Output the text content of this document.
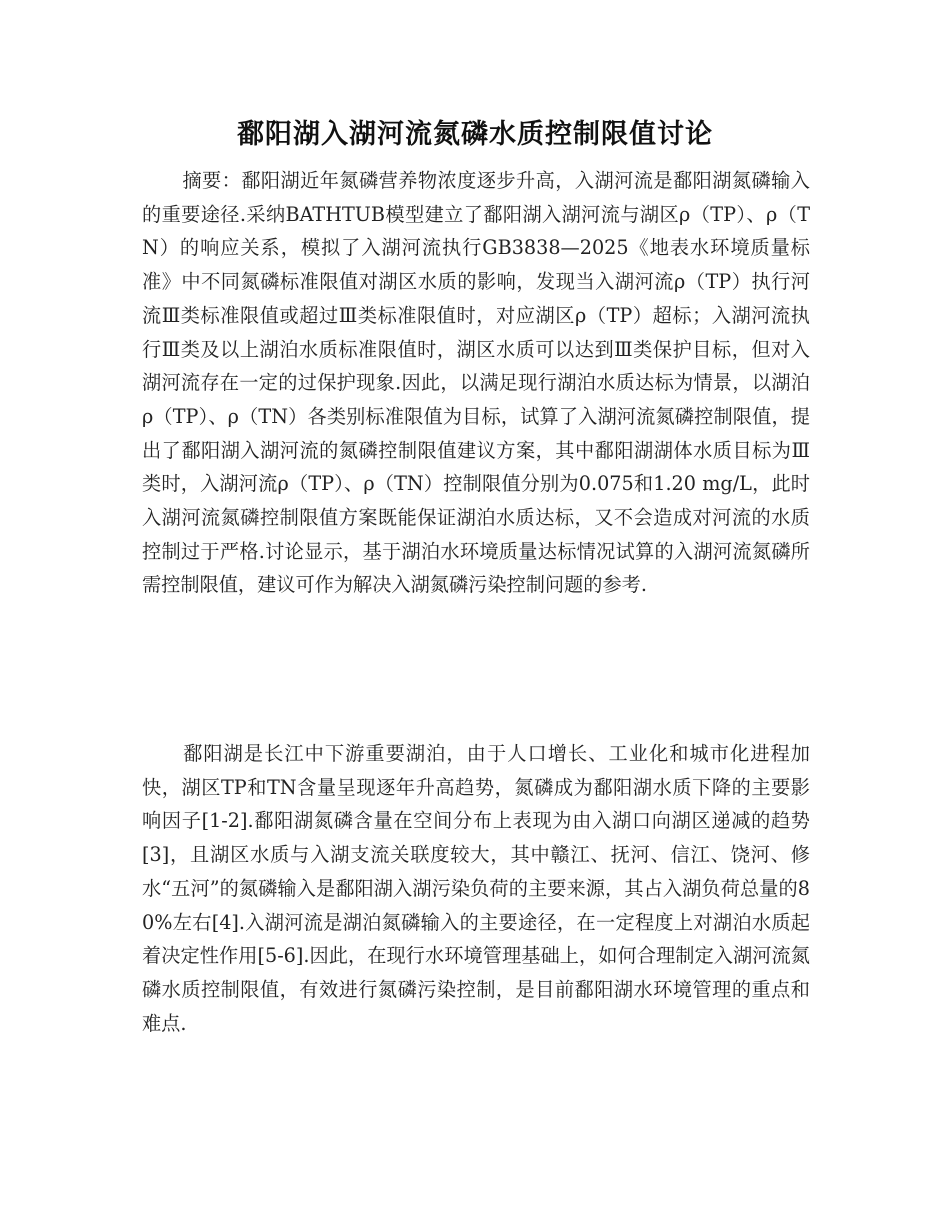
鄱阳湖入湖河流氮磷水质控制限值讨论

摘要：鄱阳湖近年氮磷营养物浓度逐步升高，入湖河流是鄱阳湖氮磷输入的重要途径.采纳BATHTUB模型建立了鄱阳湖入湖河流与湖区ρ（TP）、ρ（TN）的响应关系，模拟了入湖河流执行GB3838—2025《地表水环境质量标准》中不同氮磷标准限值对湖区水质的影响，发现当入湖河流ρ（TP）执行河流Ⅲ类标准限值或超过Ⅲ类标准限值时，对应湖区ρ（TP）超标；入湖河流执行Ⅲ类及以上湖泊水质标准限值时，湖区水质可以达到Ⅲ类保护目标，但对入湖河流存在一定的过保护现象.因此，以满足现行湖泊水质达标为情景，以湖泊ρ（TP）、ρ（TN）各类别标准限值为目标，试算了入湖河流氮磷控制限值，提出了鄱阳湖入湖河流的氮磷控制限值建议方案，其中鄱阳湖湖体水质目标为Ⅲ类时，入湖河流ρ（TP）、ρ（TN）控制限值分别为0.075和1.20 mg/L，此时入湖河流氮磷控制限值方案既能保证湖泊水质达标，又不会造成对河流的水质控制过于严格.讨论显示，基于湖泊水环境质量达标情况试算的入湖河流氮磷所需控制限值，建议可作为解决入湖氮磷污染控制问题的参考.

鄱阳湖是长江中下游重要湖泊，由于人口增长、工业化和城市化进程加快，湖区TP和TN含量呈现逐年升高趋势，氮磷成为鄱阳湖水质下降的主要影响因子[1-2].鄱阳湖氮磷含量在空间分布上表现为由入湖口向湖区递减的趋势[3]，且湖区水质与入湖支流关联度较大，其中赣江、抚河、信江、饶河、修水“五河”的氮磷输入是鄱阳湖入湖污染负荷的主要来源，其占入湖负荷总量的80%左右[4].入湖河流是湖泊氮磷输入的主要途径，在一定程度上对湖泊水质起着决定性作用[5-6].因此，在现行水环境管理基础上，如何合理制定入湖河流氮磷水质控制限值，有效进行氮磷污染控制，是目前鄱阳湖水环境管理的重点和难点.
